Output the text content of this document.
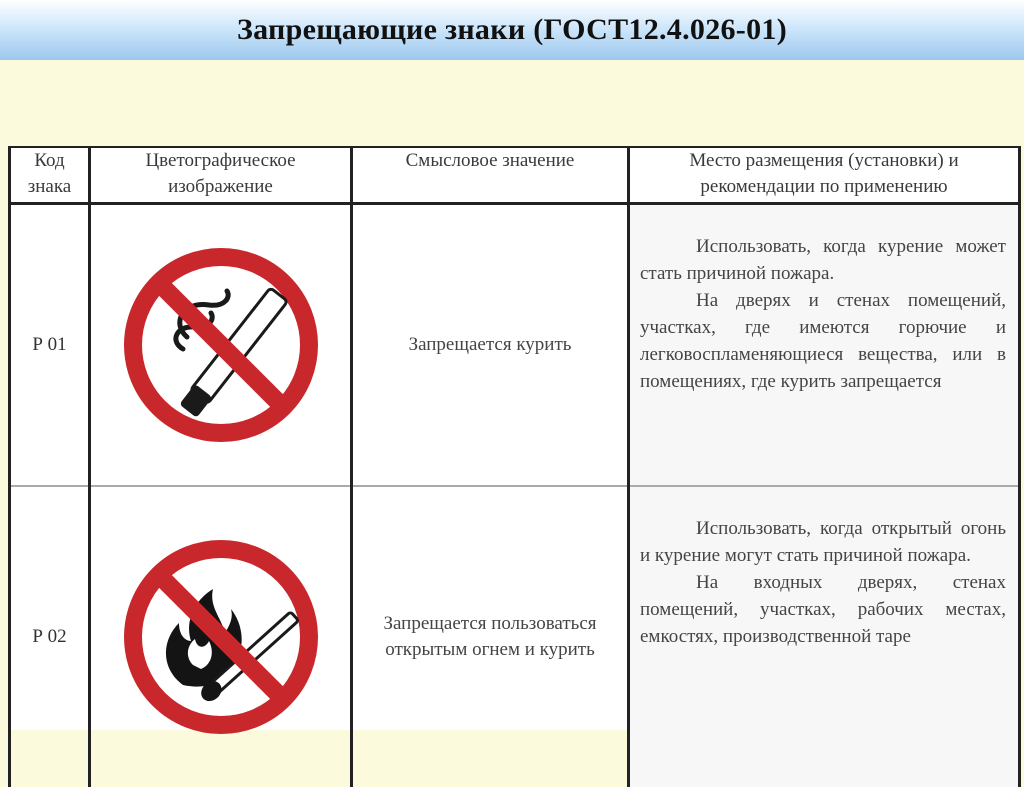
Запрещающие знаки (ГОСТ12.4.026-01)
Код знака	Цветографическое изображение	Смысловое значение	Место размещения (установки) и рекомендации по применению
Р 01		Запрещается курить	Использовать, когда курение может стать причиной пожара.

На дверях и стенах помещений, участках, где имеются горючие и легковоспламеняющиеся вещества, или в помещениях, где курить запрещается

Р 02		Запрещается пользоваться открытым огнем и курить	Использовать, когда открытый огонь и курение могут стать причиной пожара.

На входных дверях, стенах помещений, участках, рабочих местах, емкостях, производственной таре
